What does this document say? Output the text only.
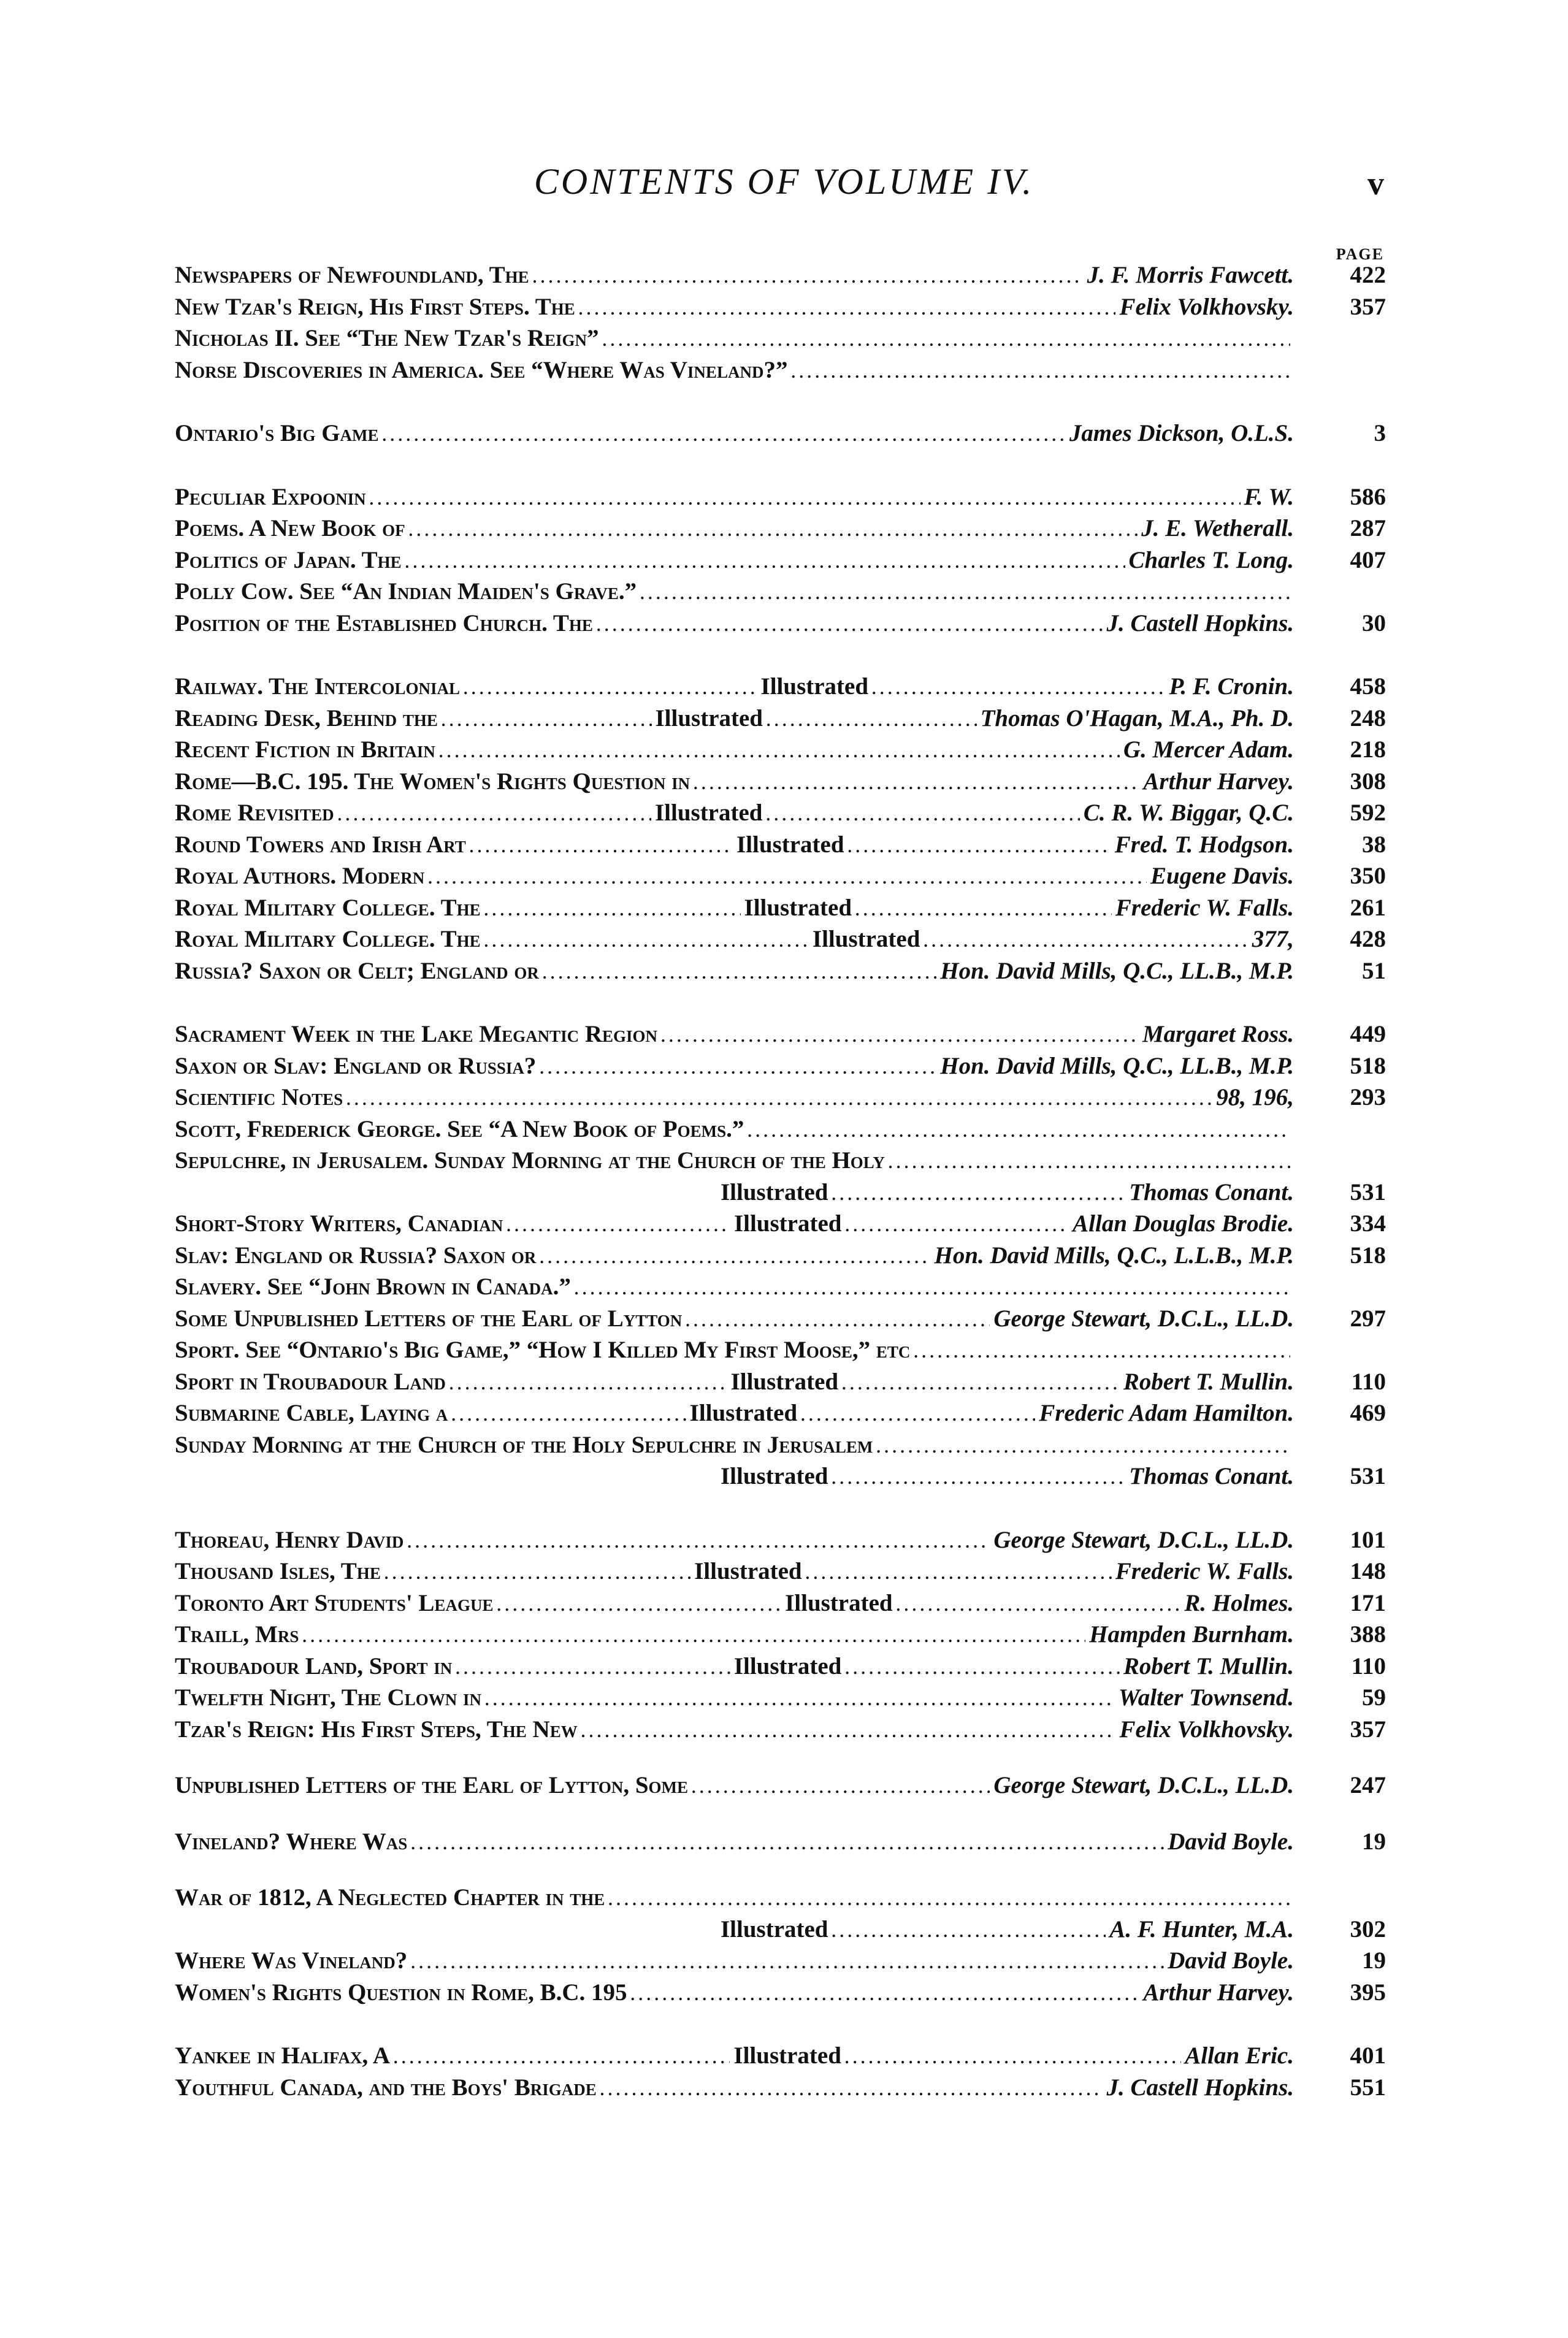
CONTENTS OF VOLUME IV.	v
PAGE
Newspapers of Newfoundland, The . . .	J. F. Morris Fawcett.	422
New Tzar's Reign, His First Steps. The . . .	Felix Volkhovsky.	357
Nicholas II. See “The New Tzar's Reign”
. . .
Norse Discoveries in America. See “Where Was Vineland?”
. . .
Ontario's Big Game . . .	James Dickson, O.L.S.	3
Peculiar Expoonin . . .	F. W.	586
Poems. A New Book of . . .	J. E. Wetherall.	287
Politics of Japan. The . . .	Charles T. Long.	407
Polly Cow. See “An Indian Maiden's Grave.”
. . .
Position of the Established Church. The . . .	J. Castell Hopkins.	30
Railway. The Intercolonial . . .	Illustrated . . .	P. F. Cronin.	458
Reading Desk, Behind the . . .	Illustrated . . .	Thomas O'Hagan, M.A., Ph. D.	248
Recent Fiction in Britain . . .	G. Mercer Adam.	218
Rome—B.C. 195. The Women's Rights Question in . . .	Arthur Harvey.	308
Rome Revisited . . .	Illustrated . . .	C. R. W. Biggar, Q.C.	592
Round Towers and Irish Art . . .	Illustrated . . .	Fred. T. Hodgson.	38
Royal Authors. Modern . . .	Eugene Davis.	350
Royal Military College. The . . .	Illustrated . . .	Frederic W. Falls.	261
Royal Military College. The . . .	Illustrated . . .	377,	428
Russia? Saxon or Celt; England or . . .	Hon. David Mills, Q.C., LL.B., M.P.	51
Sacrament Week in the Lake Megantic Region . . .	Margaret Ross.	449
Saxon or Slav: England or Russia? . . .	Hon. David Mills, Q.C., LL.B., M.P.	518
Scientific Notes . . .	98, 196,	293
Scott, Frederick George. See “A New Book of Poems.”
. . .
Sepulchre, in Jerusalem. Sunday Morning at the Church of the Holy
. . .
Illustrated . . .	Thomas Conant.	531
Short-Story Writers, Canadian . . .	Illustrated . . .	Allan Douglas Brodie.	334
Slav: England or Russia? Saxon or . . .	Hon. David Mills, Q.C., L.L.B., M.P.	518
Slavery. See “John Brown in Canada.”
. . .
Some Unpublished Letters of the Earl of Lytton . . .	George Stewart, D.C.L., LL.D.	297
Sport. See “Ontario's Big Game,” “How I Killed My First Moose,” etc
. . .
Sport in Troubadour Land . . .	Illustrated . . .	Robert T. Mullin.	110
Submarine Cable, Laying a . . .	Illustrated . . .	Frederic Adam Hamilton.	469
Sunday Morning at the Church of the Holy Sepulchre in Jerusalem
. . .
Illustrated . . .	Thomas Conant.	531
Thoreau, Henry David . . .	George Stewart, D.C.L., LL.D.	101
Thousand Isles, The . . .	Illustrated . . .	Frederic W. Falls.	148
Toronto Art Students' League . . .	Illustrated . . .	R. Holmes.	171
Traill, Mrs . . .	Hampden Burnham.	388
Troubadour Land, Sport in . . .	Illustrated . . .	Robert T. Mullin.	110
Twelfth Night, The Clown in . . .	Walter Townsend.	59
Tzar's Reign: His First Steps, The New . . .	Felix Volkhovsky.	357
Unpublished Letters of the Earl of Lytton, Some . . .	George Stewart, D.C.L., LL.D.	247
Vineland? Where Was . . .	David Boyle.	19
War of 1812, A Neglected Chapter in the
. . .
Illustrated . . .	A. F. Hunter, M.A.	302
Where Was Vineland? . . .	David Boyle.	19
Women's Rights Question in Rome, B.C. 195 . . .	Arthur Harvey.	395
Yankee in Halifax, A . . .	Illustrated . . .	Allan Eric.	401
Youthful Canada, and the Boys' Brigade . . .	J. Castell Hopkins.	551
